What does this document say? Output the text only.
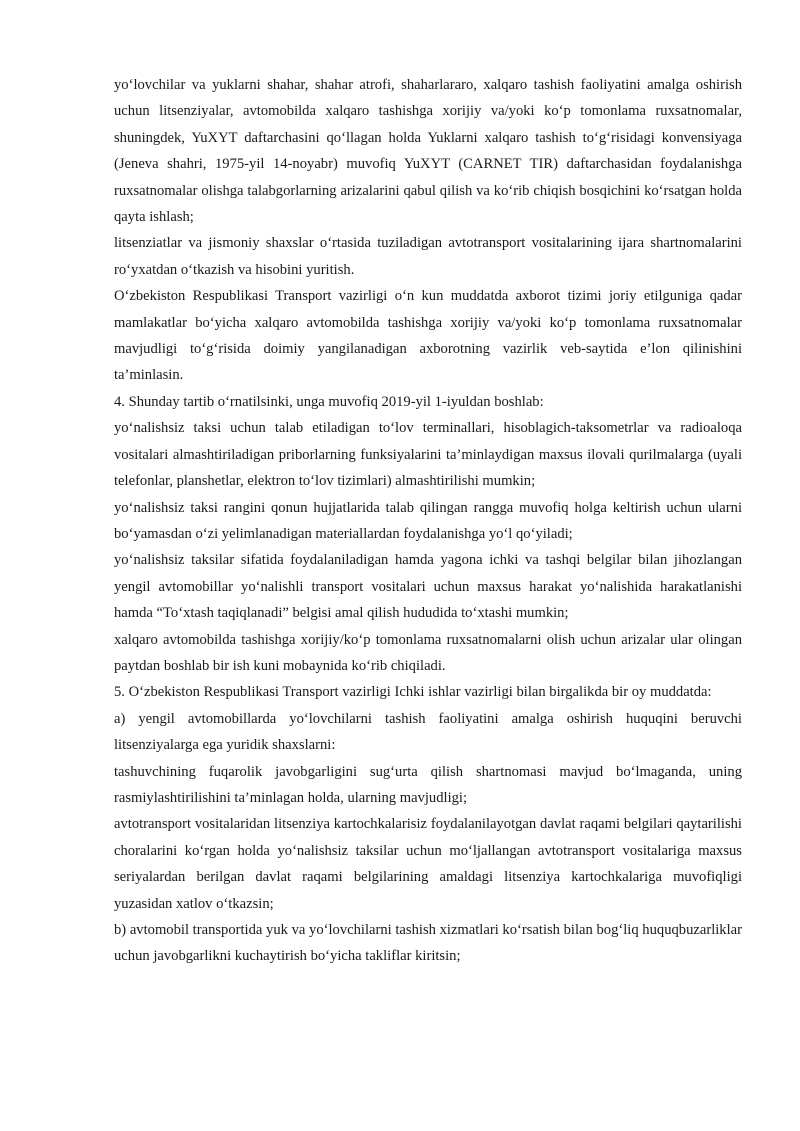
yo‘lovchilar va yuklarni shahar, shahar atrofi, shaharlararo, xalqaro tashish faoliyatini amalga oshirish uchun litsenziyalar, avtomobilda xalqaro tashishga xorijiy va/yoki ko‘p tomonlama ruxsatnomalar, shuningdek, YuXYT daftarchasini qo‘llagan holda Yuklarni xalqaro tashish to‘g‘risidagi konvensiyaga (Jeneva shahri, 1975-yil 14-noyabr) muvofiq YuXYT (CARNET TIR) daftarchasidan foydalanishga ruxsatnomalar olishga talabgorlarning arizalarini qabul qilish va ko‘rib chiqish bosqichini ko‘rsatgan holda qayta ishlash;

litsenziatlar va jismoniy shaxslar o‘rtasida tuziladigan avtotransport vositalarining ijara shartnomalarini ro‘yxatdan o‘tkazish va hisobini yuritish.

O‘zbekiston Respublikasi Transport vazirligi o‘n kun muddatda axborot tizimi joriy etilguniga qadar mamlakatlar bo‘yicha xalqaro avtomobilda tashishga xorijiy va/yoki ko‘p tomonlama ruxsatnomalar mavjudligi to‘g‘risida doimiy yangilanadigan axborotning vazirlik veb-saytida e’lon qilinishini ta’minlasin.

4. Shunday tartib o‘rnatilsinki, unga muvofiq 2019-yil 1-iyuldan boshlab:

yo‘nalishsiz taksi uchun talab etiladigan to‘lov terminallari, hisoblagich-taksometrlar va radioaloqa vositalari almashtiriladigan priborlarning funksiyalarini ta’minlaydigan maxsus ilovali qurilmalarga (uyali telefonlar, planshetlar, elektron to‘lov tizimlari) almashtirilishi mumkin;

yo‘nalishsiz taksi rangini qonun hujjatlarida talab qilingan rangga muvofiq holga keltirish uchun ularni bo‘yamasdan o‘zi yelimlanadigan materiallardan foydalanishga yo‘l qo‘yiladi;

yo‘nalishsiz taksilar sifatida foydalaniladigan hamda yagona ichki va tashqi belgilar bilan jihozlangan yengil avtomobillar yo‘nalishli transport vositalari uchun maxsus harakat yo‘nalishida harakatlanishi hamda “To‘xtash taqiqlanadi” belgisi amal qilish hududida to‘xtashi mumkin;

xalqaro avtomobilda tashishga xorijiy/ko‘p tomonlama ruxsatnomalarni olish uchun arizalar ular olingan paytdan boshlab bir ish kuni mobaynida ko‘rib chiqiladi.

5. O‘zbekiston Respublikasi Transport vazirligi Ichki ishlar vazirligi bilan birgalikda bir oy muddatda:

a) yengil avtomobillarda yo‘lovchilarni tashish faoliyatini amalga oshirish huquqini beruvchi litsenziyalarga ega yuridik shaxslarni:

tashuvchining fuqarolik javobgarligini sug‘urta qilish shartnomasi mavjud bo‘lmaganda, uning rasmiylashtirilishini ta’minlagan holda, ularning mavjudligi;

avtotransport vositalaridan litsenziya kartochkalarisiz foydalanilayotgan davlat raqami belgilari qaytarilishi choralarini ko‘rgan holda yo‘nalishsiz taksilar uchun mo‘ljallangan avtotransport vositalariga maxsus seriyalardan berilgan davlat raqami belgilarining amaldagi litsenziya kartochkalariga muvofiqligi yuzasidan xatlov o‘tkazsin;

b) avtomobil transportida yuk va yo‘lovchilarni tashish xizmatlari ko‘rsatish bilan bog‘liq huquqbuzarliklar uchun javobgarlikni kuchaytirish bo‘yicha takliflar kiritsin;
